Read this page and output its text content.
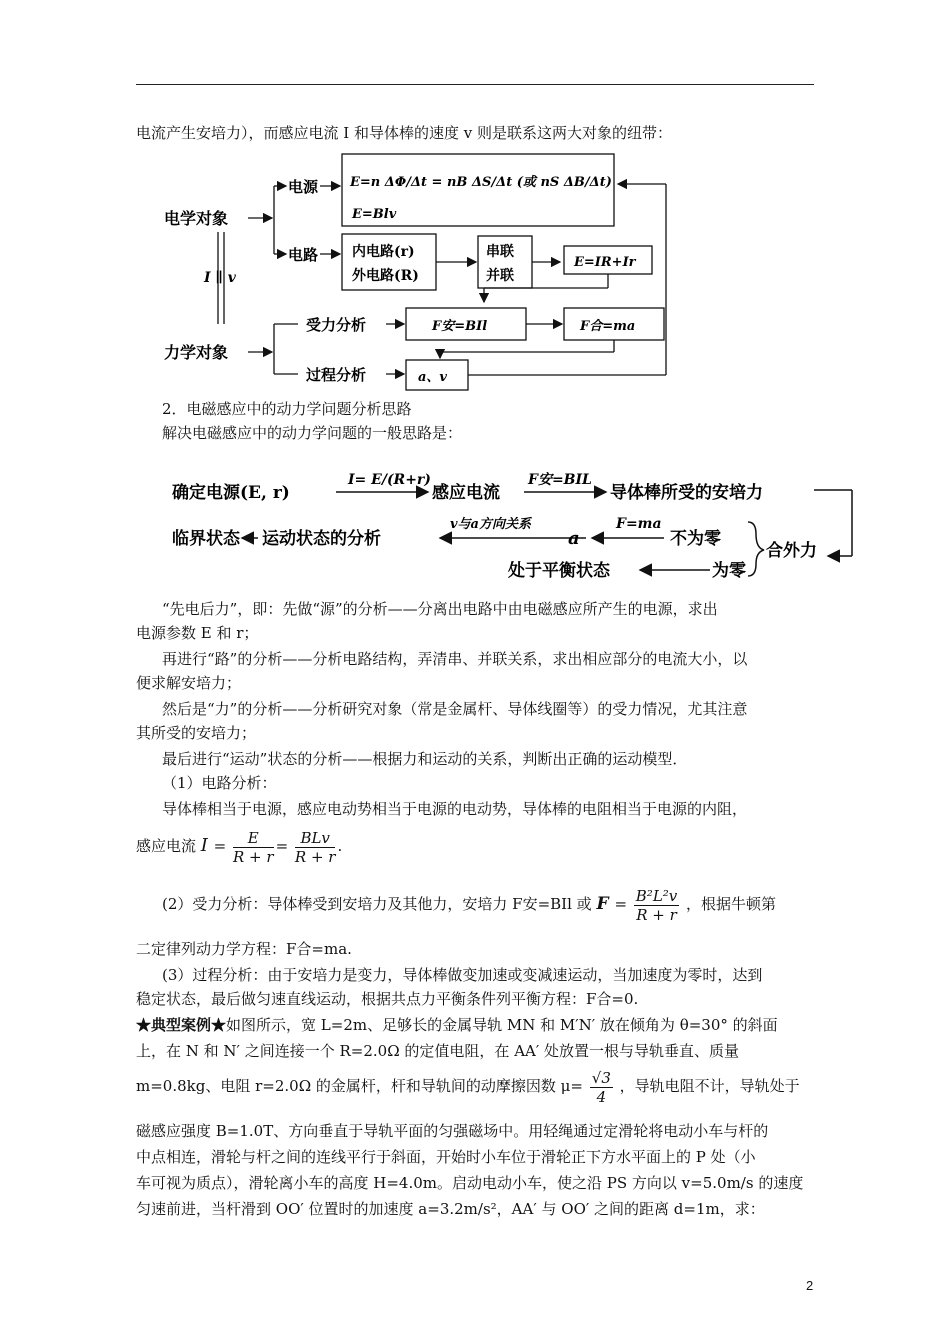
电流产生安培力），而感应电流 I 和导体棒的速度 v 则是联系这两大对象的纽带：
电学对象
力学对象
电源
电路
I ∥ v
E=n ΔΦ/Δt = nB ΔS/Δt (或 nS ΔB/Δt)
E=Blv
内电路(r)
外电路(R)
串联
并联
E=IR+Ir
受力分析
过程分析
F安=BIl	F合=ma
a、v
2．电磁感应中的动力学问题分析思路
解决电磁感应中的动力学问题的一般思路是：
确定电源(E, r)
I= E/(R+r)
感应电流
F安=BIL
导体棒所受的安培力
临界状态 运动状态的分析
v与a方向关系
a
F=ma
不为零
合外力
处于平衡状态	为零
“先电后力”，即：先做“源”的分析——分离出电路中由电磁感应所产生的电源，求出
电源参数 E 和 r；
再进行“路”的分析——分析电路结构，弄清串、并联关系，求出相应部分的电流大小，以
便求解安培力；
然后是“力”的分析——分析研究对象（常是金属杆、导体线圈等）的受力情况，尤其注意
其所受的安培力；
最后进行“运动”状态的分析——根据力和运动的关系，判断出正确的运动模型．
（1）电路分析：
导体棒相当于电源，感应电动势相当于电源的电动势，导体棒的电阻相当于电源的内阻，
感应电流 $I = \frac{E}{R + r} = \frac{\text{BLv}}{R + r}$ .
(2）受力分析：导体棒受到安培力及其他力，安培力 F安=BIl 或 $F = \frac{\text{B²L²v}}{R + r}$ ，根据牛顿第
二定律列动力学方程：F合=ma.
(3）过程分析：由于安培力是变力，导体棒做变加速或变减速运动，当加速度为零时，达到
稳定状态，最后做匀速直线运动，根据共点力平衡条件列平衡方程：F合=0.
★典型案例★如图所示，宽 L=2m、足够长的金属导轨 MN 和 M′N′ 放在倾角为 θ=30° 的斜面
上，在 N 和 N′ 之间连接一个 R=2.0Ω 的定值电阻，在 AA′ 处放置一根与导轨垂直、质量
m=0.8kg、电阻 r=2.0Ω 的金属杆，杆和导轨间的动摩擦因数 $\mu= \frac{√3}{4}$ ，导轨电阻不计，导轨处于
磁感应强度 B=1.0T、方向垂直于导轨平面的匀强磁场中。用轻绳通过定滑轮将电动小车与杆的
中点相连，滑轮与杆之间的连线平行于斜面，开始时小车位于滑轮正下方水平面上的 P 处（小
车可视为质点），滑轮离小车的高度 H=4.0m。启动电动小车，使之沿 PS 方向以 v=5.0m/s 的速度
匀速前进，当杆滑到 OO′ 位置时的加速度 a=3.2m/s²，AA′ 与 OO′ 之间的距离 d=1m，求：
2
